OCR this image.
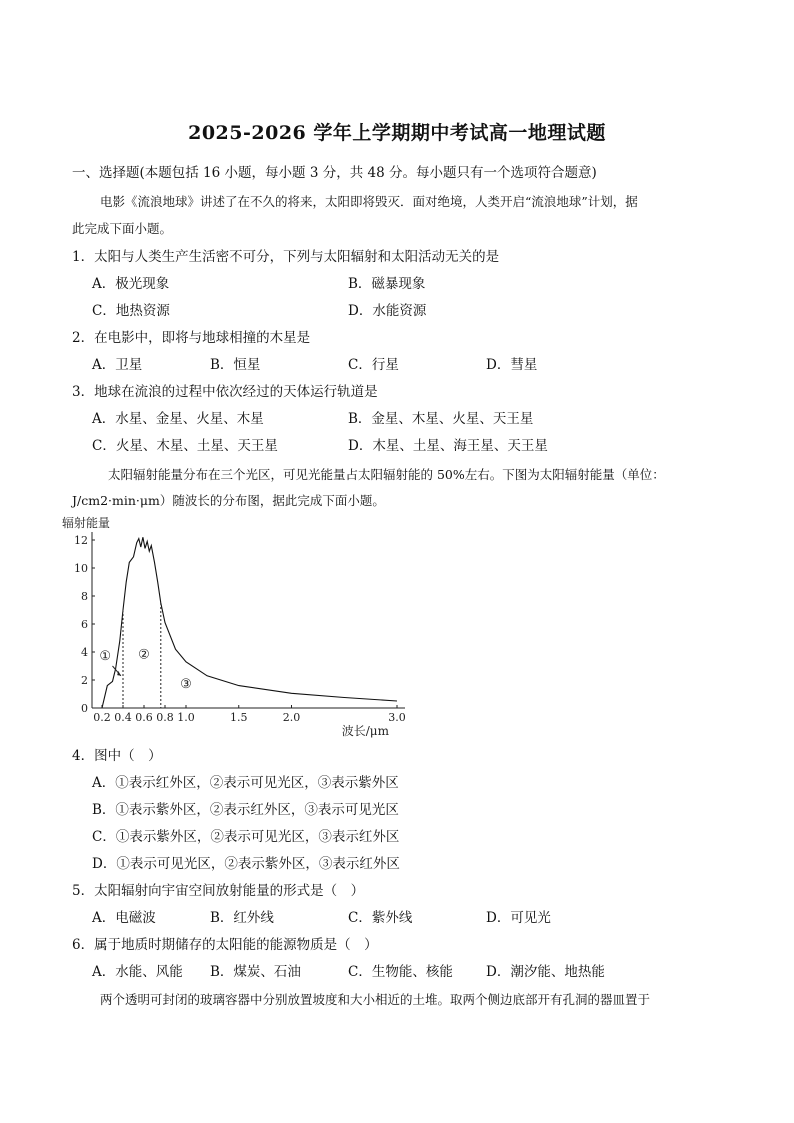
2025-2026 学年上学期期中考试高一地理试题
一、选择题(本题包括 16 小题，每小题 3 分，共 48 分。每小题只有一个选项符合题意)
电影《流浪地球》讲述了在不久的将来，太阳即将毁灭．面对绝境，人类开启“流浪地球”计划，据
此完成下面小题。
1．太阳与人类生产生活密不可分，下列与太阳辐射和太阳活动无关的是
A．极光现象	B．磁暴现象
C．地热资源	D．水能资源
2．在电影中，即将与地球相撞的木星是
A．卫星	B．恒星	C．行星	D．彗星
3．地球在流浪的过程中依次经过的天体运行轨道是
A．水星、金星、火星、木星	B．金星、木星、火星、天王星
C．火星、木星、土星、天王星	D．木星、土星、海王星、天王星
太阳辐射能量分布在三个光区，可见光能量占太阳辐射能的 50%左右。下图为太阳辐射能量（单位：
J/cm2·min·μm）随波长的分布图，据此完成下面小题。
辐射能量
0
2
4
6
8
10
12
0.2 0.4 0.6 0.8 1.0	1.5	2.0	3.0
波长/μm
① ②
③
4．图中（　）
A．①表示红外区，②表示可见光区，③表示紫外区
B．①表示紫外区，②表示红外区，③表示可见光区
C．①表示紫外区，②表示可见光区，③表示红外区
D．①表示可见光区，②表示紫外区，③表示红外区
5．太阳辐射向宇宙空间放射能量的形式是（　）
A．电磁波	B．红外线	C．紫外线	D．可见光
6．属于地质时期储存的太阳能的能源物质是（　）
A．水能、风能 B．煤炭、石油	C．生物能、核能 D．潮汐能、地热能
两个透明可封闭的玻璃容器中分别放置坡度和大小相近的土堆。取两个侧边底部开有孔洞的器皿置于
